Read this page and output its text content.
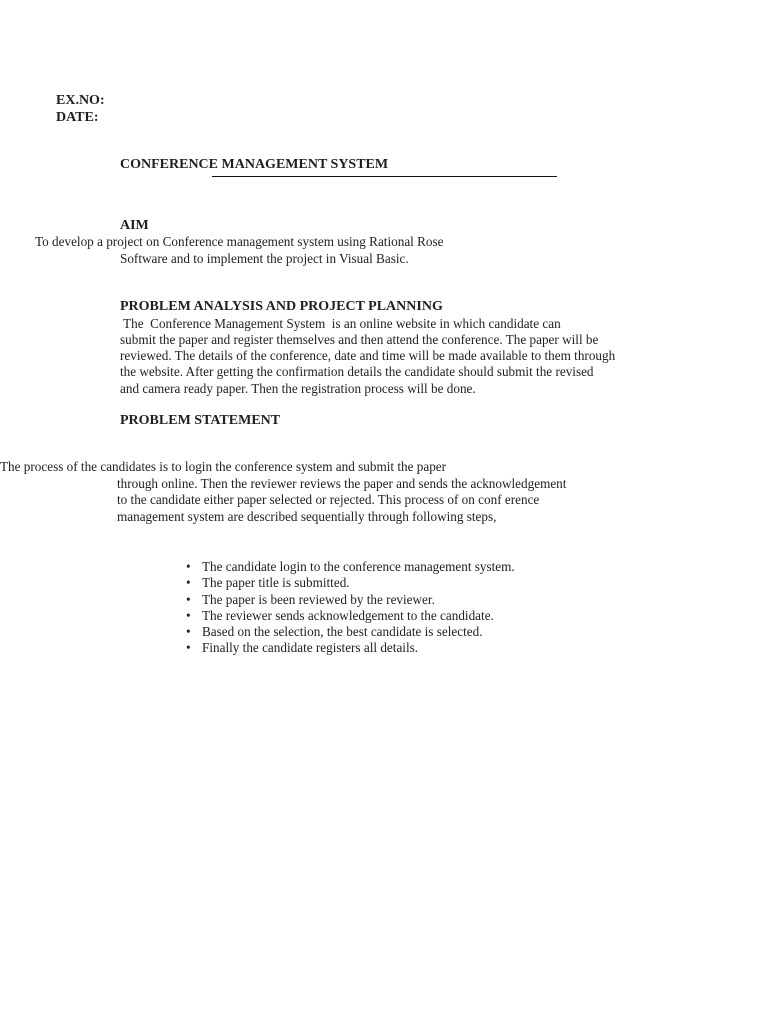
EX.NO:
DATE:
CONFERENCE MANAGEMENT SYSTEM
AIM
To develop a project on Conference management system using Rational Rose
Software and to implement the project in Visual Basic.
PROBLEM ANALYSIS AND PROJECT PLANNING
The  Conference Management System  is an online website in which candidate can
submit the paper and register themselves and then attend the conference. The paper will be
reviewed. The details of the conference, date and time will be made available to them through
the website. After getting the confirmation details the candidate should submit the revised
and camera ready paper. Then the registration process will be done.
PROBLEM STATEMENT
The process of the candidates is to login the conference system and submit the paper
through online. Then the reviewer reviews the paper and sends the acknowledgement
to the candidate either paper selected or rejected. This process of on conf erence
management system are described sequentially through following steps,
• The candidate login to the conference management system.
• The paper title is submitted.
• The paper is been reviewed by the reviewer.
• The reviewer sends acknowledgement to the candidate.
• Based on the selection, the best candidate is selected.
• Finally the candidate registers all details.
